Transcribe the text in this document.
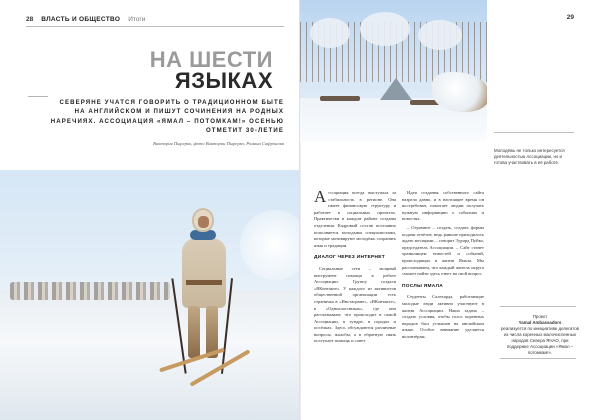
28 ВЛАСТЬ И ОБЩЕСТВО Итоги
НА ШЕСТИ
ЯЗЫКАХ
СЕВЕРЯНЕ УЧАТСЯ ГОВОРИТЬ О ТРАДИЦИОННОМ БЫТЕ НА АНГЛИЙСКОМ И ПИШУТ СОЧИНЕНИЯ НА РОДНЫХ НАРЕЧИЯХ. АССОЦИАЦИЯ «ЯМАЛ – ПОТОМКАМ!» ОСЕНЬЮ ОТМЕТИТ 30-ЛЕТИЕ
Виктория Пырерко, фото Виктории Пырерко, Романа Сафронова
29
Молодёжь не только интересуется деятельностью Ассоциации, но и готова участвовать в её работе.

Ассоциация всегда выступала за стабильность в регионе. Она имеет финансовую структуру и работает в социальных проектах. Практически в каждом районе созданы отделения. Кадровый состав постоянно пополняется молодыми специалистами, которые мотивируют молодёжь сохранять язык и традиции.

ДИАЛОГ ЧЕРЕЗ ИНТЕРНЕТ

Социальные сети – мощный инструмент помощи в работе Ассоциации. Группу создали «ВКонтакте». У каждого из активистов общественной организации есть страничка в «Инстаграме», «ВКонтакте», в «Одноклассниках», где они рассказывают, что происходит в самой Ассоциации, в тундре, в городах и посёлках. Здесь обсуждаются различные вопросы, жалобы, а в обратную связь поступает помощь и совет.

Идея создания собственного сайта назрела давно, и в настоящее время он востребован, помогает людям получать нужную информацию о событиях и новостях.

– Огромное – создать, создать формы подачи отчётов, ведь раньше приходилось ждать месяцами, – говорит Эдуард Пуйко, председатель Ассоциации. – Сайт станет хранилищем новостей и событий, происходящих в жизни Ямала. Мы рассчитываем, что каждый житель округа сможет найти здесь ответ на свой вопрос.

ПОСЛЫ ЯМАЛА

Студенты Салехарда, работающие молодые люди активно участвуют в жизни Ассоциации. Наша задача – создать условия, чтобы голос коренных народов был услышан на английском языке. Особое внимание уделяется волонтёрам.

Проект
Yamal Ambassadors
реализуется по инициативе делегатов из числа коренных малочисленных народов Севера ЯНАО, при поддержке Ассоциации «Ямал – потомкам!».
